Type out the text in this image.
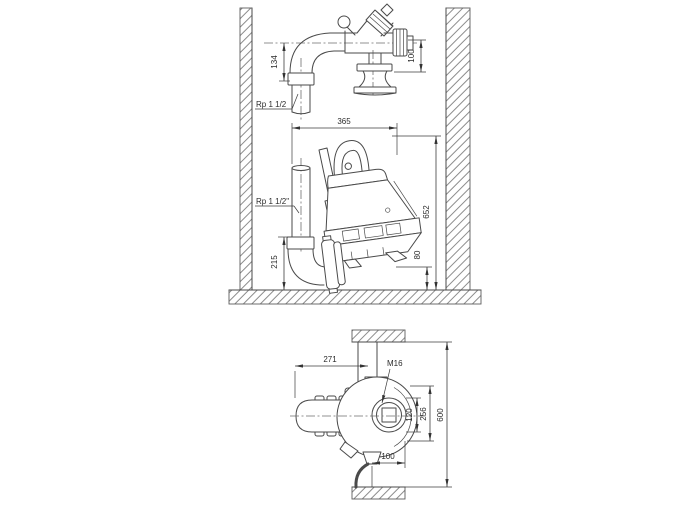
134	100
Rp 1 1/2
365
Rp 1 1/2"
652
215
80
271	M16
120 256 600
100
